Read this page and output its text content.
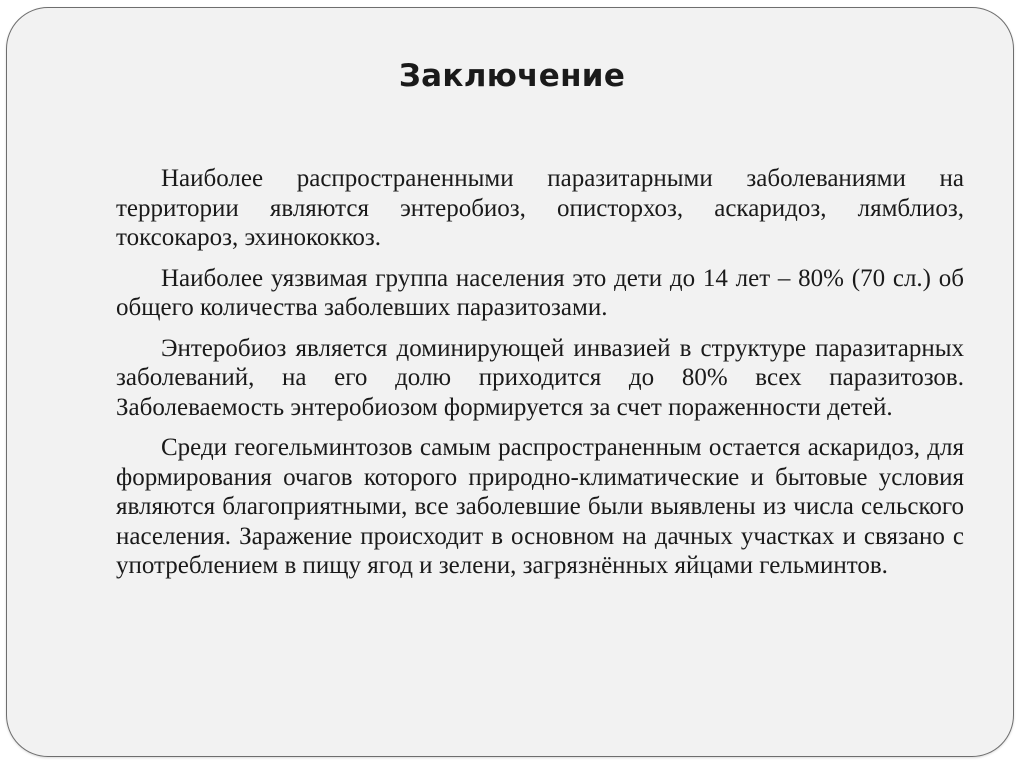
Заключение

Наиболее распространенными паразитарными заболеваниями на территории являются энтеробиоз, описторхоз, аскаридоз, лямблиоз, токсокароз, эхинококкоз.

Наиболее уязвимая группа населения это дети до 14 лет – 80% (70 сл.) об общего количества заболевших паразитозами.

Энтеробиоз является доминирующей инвазией в структуре паразитарных заболеваний, на его долю приходится до 80% всех паразитозов. Заболеваемость энтеробиозом формируется за счет пораженности детей.

Среди геогельминтозов самым распространенным остается аскаридоз, для формирования очагов которого природно-климатические и бытовые условия являются благоприятными, все заболевшие были выявлены из числа сельского населения. Заражение происходит в основном на дачных участках и связано с употреблением в пищу ягод и зелени, загрязнённых яйцами гельминтов.
